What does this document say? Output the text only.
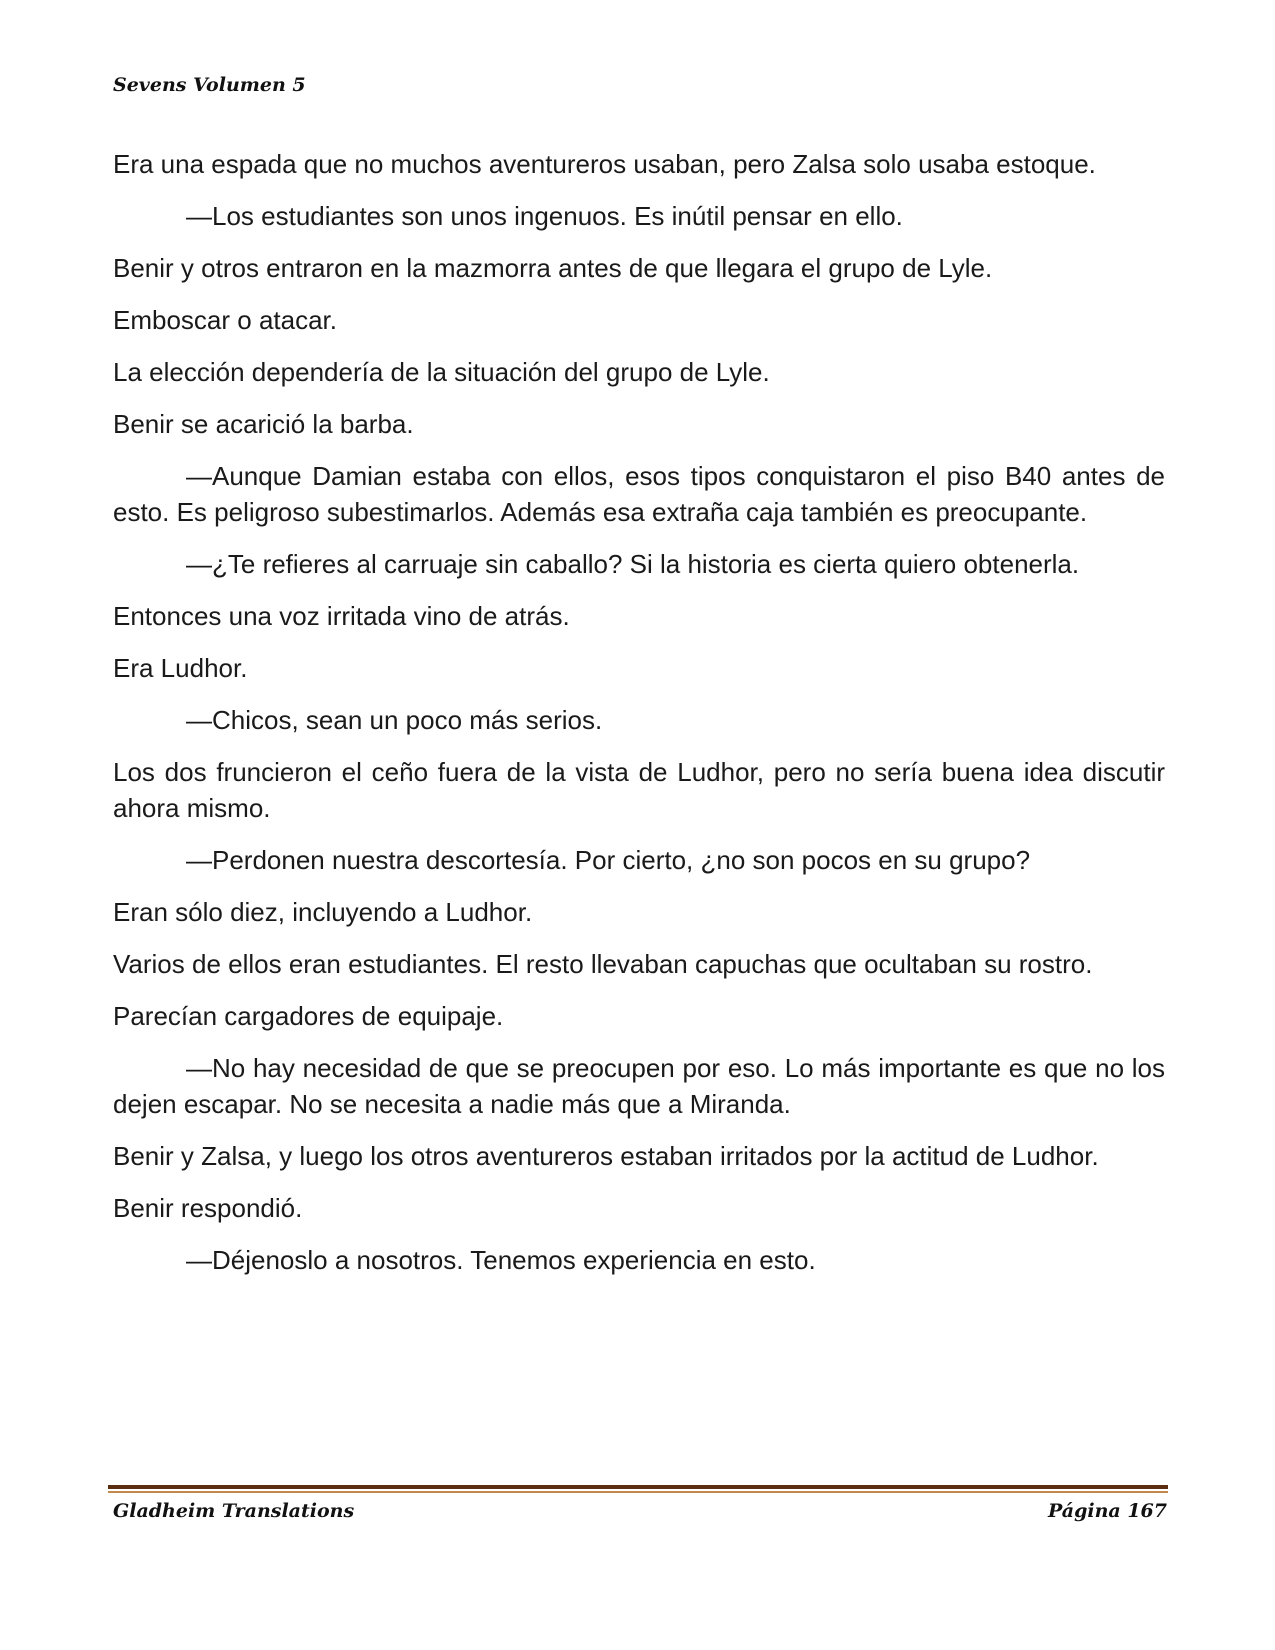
Sevens Volumen 5

Era una espada que no muchos aventureros usaban, pero Zalsa solo usaba estoque.

—Los estudiantes son unos ingenuos. Es inútil pensar en ello.

Benir y otros entraron en la mazmorra antes de que llegara el grupo de Lyle.

Emboscar o atacar.

La elección dependería de la situación del grupo de Lyle.

Benir se acarició la barba.

—Aunque Damian estaba con ellos, esos tipos conquistaron el piso B40 antes de esto. Es peligroso subestimarlos. Además esa extraña caja también es preocupante.

—¿Te refieres al carruaje sin caballo? Si la historia es cierta quiero obtenerla.

Entonces una voz irritada vino de atrás.

Era Ludhor.

—Chicos, sean un poco más serios.

Los dos fruncieron el ceño fuera de la vista de Ludhor, pero no sería buena idea discutir ahora mismo.

—Perdonen nuestra descortesía. Por cierto, ¿no son pocos en su grupo?

Eran sólo diez, incluyendo a Ludhor.

Varios de ellos eran estudiantes. El resto llevaban capuchas que ocultaban su rostro.

Parecían cargadores de equipaje.

—No hay necesidad de que se preocupen por eso. Lo más importante es que no los dejen escapar. No se necesita a nadie más que a Miranda.

Benir y Zalsa, y luego los otros aventureros estaban irritados por la actitud de Ludhor.

Benir respondió.

—Déjenoslo a nosotros. Tenemos experiencia en esto.

Gladheim Translations	Página 167
